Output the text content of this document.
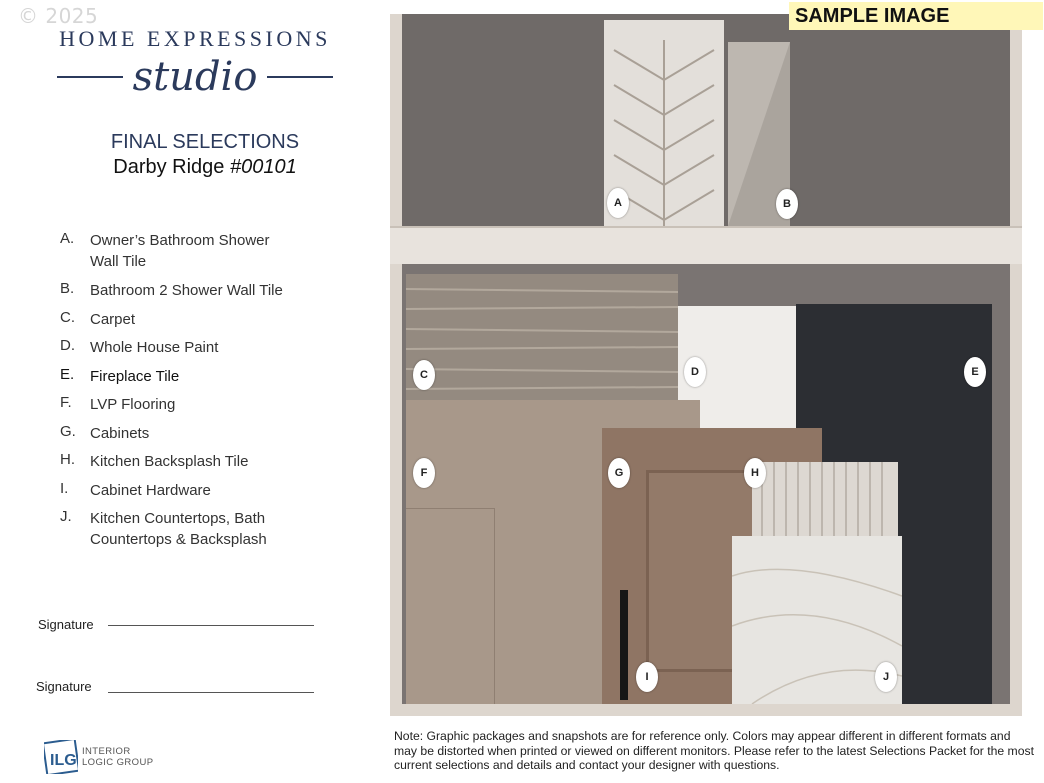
© 2025
HOME EXPRESSIONS
studio
FINAL SELECTIONS
Darby Ridge #00101
A.	Owner’s Bathroom Shower Wall Tile
B.	Bathroom 2 Shower Wall Tile
C.	Carpet
D.	Whole House Paint
E.	Fireplace Tile
F.	LVP Flooring
G. Cabinets
H.	Kitchen Backsplash Tile
I.	Cabinet Hardware
J.	Kitchen Countertops, Bath Countertops & Backsplash
Signature
Signature
ILG
INTERIOR
LOGIC GROUP
A	B
C	D	E
F	G	H
I	J
SAMPLE IMAGE
Note: Graphic packages and snapshots are for reference only. Colors may appear different in different formats and may be distorted when printed or viewed on different monitors. Please refer to the latest Selections Packet for the most current selections and details and contact your designer with questions.
